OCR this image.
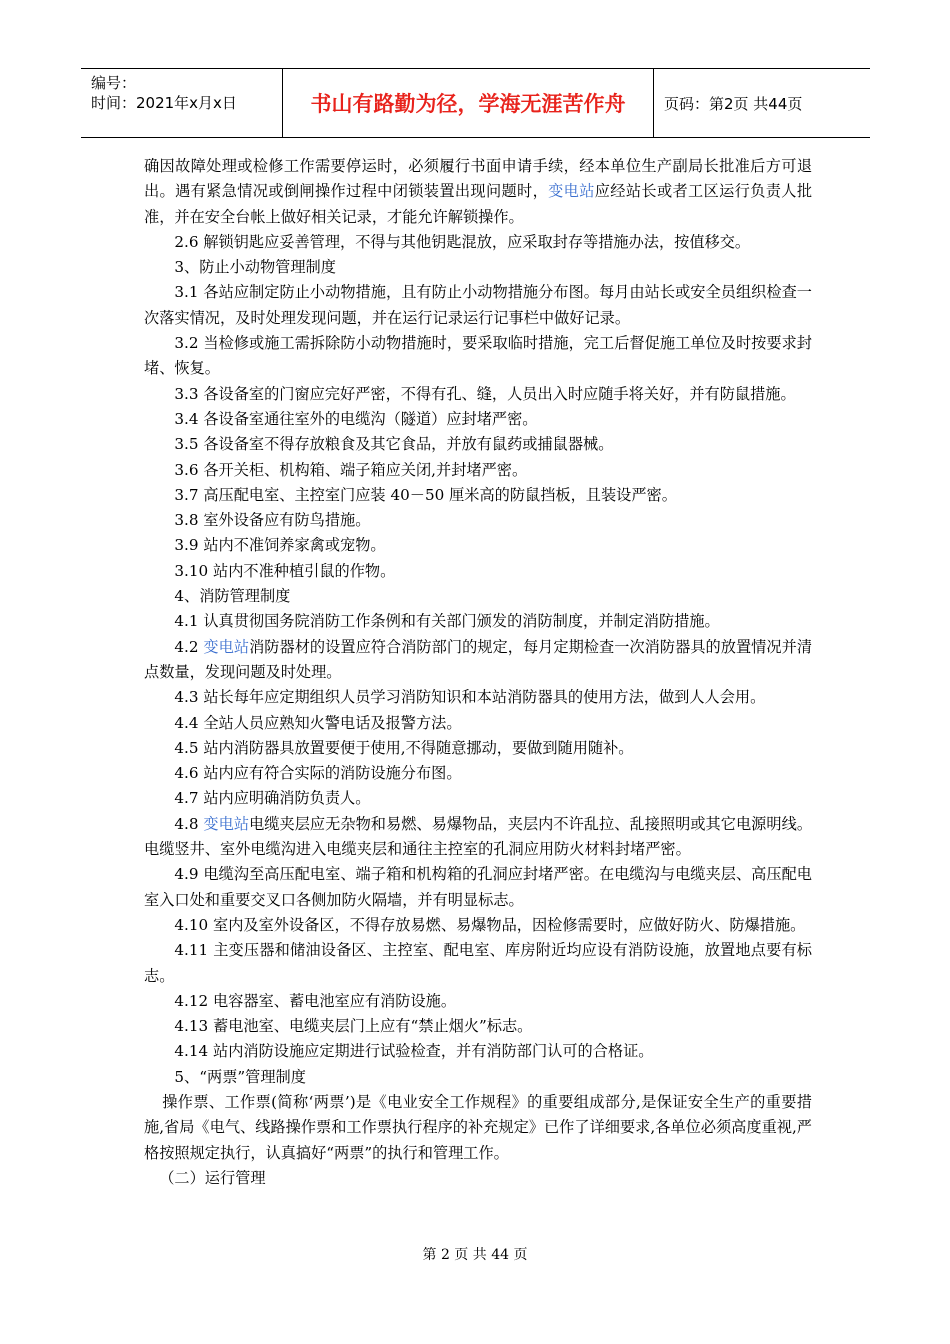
编号：
时间：2021年x月x日	书山有路勤为径，学海无涯苦作舟	页码：第2页 共44页

确因故障处理或检修工作需要停运时，必须履行书面申请手续，经本单位生产副局长批准后方可退出。遇有紧急情况或倒闸操作过程中闭锁装置出现问题时，变电站应经站长或者工区运行负责人批准，并在安全台帐上做好相关记录，才能允许解锁操作。

2.6 解锁钥匙应妥善管理，不得与其他钥匙混放，应采取封存等措施办法，按值移交。

3、防止小动物管理制度

3.1 各站应制定防止小动物措施，且有防止小动物措施分布图。每月由站长或安全员组织检查一次落实情况，及时处理发现问题，并在运行记录运行记事栏中做好记录。

3.2 当检修或施工需拆除防小动物措施时，要采取临时措施，完工后督促施工单位及时按要求封堵、恢复。

3.3 各设备室的门窗应完好严密，不得有孔、缝，人员出入时应随手将关好，并有防鼠措施。

3.4 各设备室通往室外的电缆沟（隧道）应封堵严密。

3.5 各设备室不得存放粮食及其它食品，并放有鼠药或捕鼠器械。

3.6 各开关柜、机构箱、端子箱应关闭,并封堵严密。

3.7 高压配电室、主控室门应装 40－50 厘米高的防鼠挡板，且装设严密。

3.8 室外设备应有防鸟措施。

3.9 站内不准饲养家禽或宠物。

3.10 站内不准种植引鼠的作物。

4、消防管理制度

4.1 认真贯彻国务院消防工作条例和有关部门颁发的消防制度，并制定消防措施。

4.2 变电站消防器材的设置应符合消防部门的规定，每月定期检查一次消防器具的放置情况并清点数量，发现问题及时处理。

4.3 站长每年应定期组织人员学习消防知识和本站消防器具的使用方法，做到人人会用。

4.4 全站人员应熟知火警电话及报警方法。

4.5 站内消防器具放置要便于使用,不得随意挪动，要做到随用随补。

4.6 站内应有符合实际的消防设施分布图。

4.7 站内应明确消防负责人。

4.8 变电站电缆夹层应无杂物和易燃、易爆物品，夹层内不许乱拉、乱接照明或其它电源明线。电缆竖井、室外电缆沟进入电缆夹层和通往主控室的孔洞应用防火材料封堵严密。

4.9 电缆沟至高压配电室、端子箱和机构箱的孔洞应封堵严密。在电缆沟与电缆夹层、高压配电室入口处和重要交叉口各侧加防火隔墙，并有明显标志。

4.10 室内及室外设备区，不得存放易燃、易爆物品，因检修需要时，应做好防火、防爆措施。

4.11 主变压器和储油设备区、主控室、配电室、库房附近均应设有消防设施，放置地点要有标志。

4.12 电容器室、蓄电池室应有消防设施。

4.13 蓄电池室、电缆夹层门上应有“禁止烟火”标志。

4.14 站内消防设施应定期进行试验检查，并有消防部门认可的合格证。

5、“两票”管理制度

操作票、工作票(简称‘两票’)是《电业安全工作规程》的重要组成部分,是保证安全生产的重要措施,省局《电气、线路操作票和工作票执行程序的补充规定》已作了详细要求,各单位必须高度重视,严格按照规定执行，认真搞好“两票”的执行和管理工作。

（二）运行管理

第 2 页 共 44 页
